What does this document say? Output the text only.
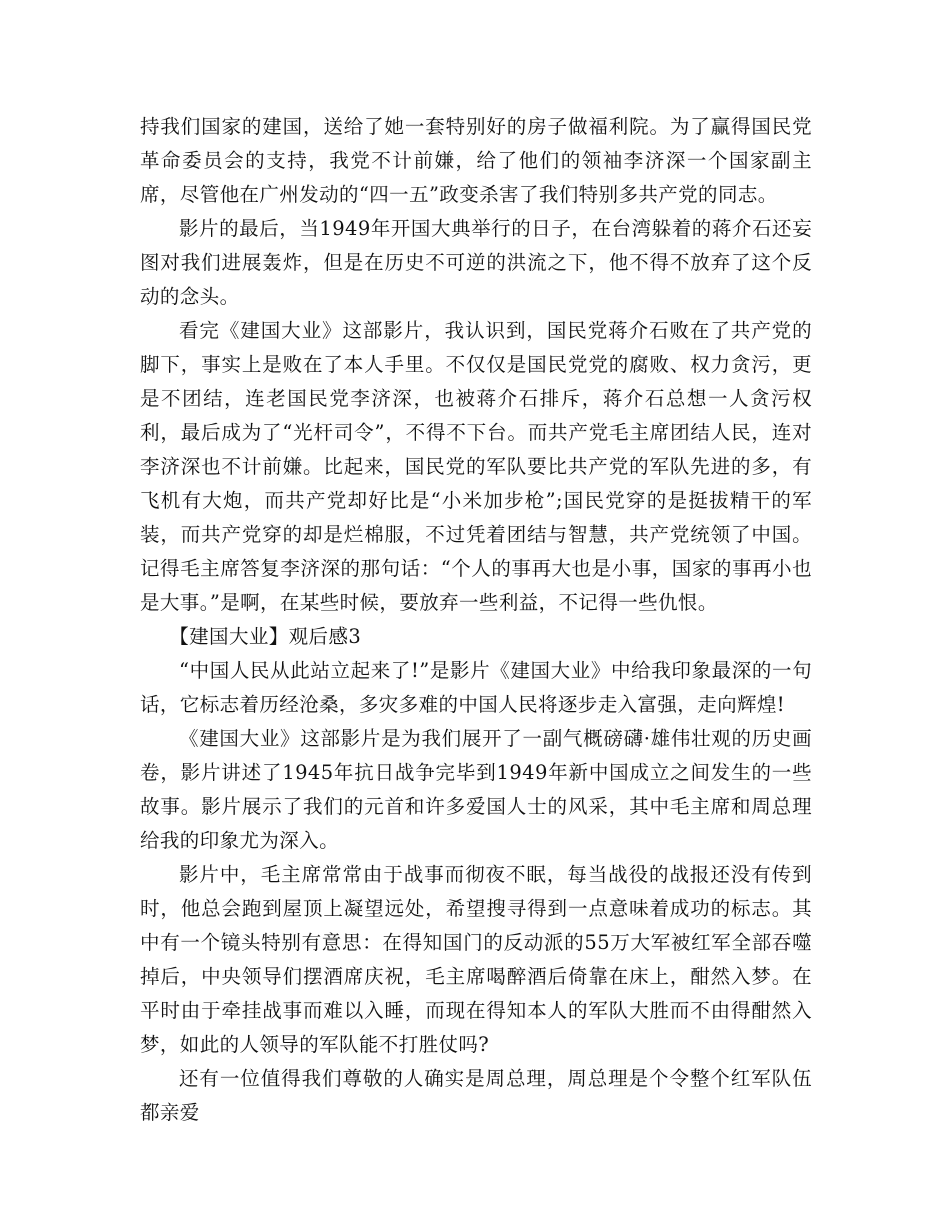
持我们国家的建国，送给了她一套特别好的房子做福利院。为了赢得国民党革命委员会的支持，我党不计前嫌，给了他们的领袖李济深一个国家副主席，尽管他在广州发动的“四一五”政变杀害了我们特别多共产党的同志。

影片的最后，当1949年开国大典举行的日子，在台湾躲着的蒋介石还妄图对我们进展轰炸，但是在历史不可逆的洪流之下，他不得不放弃了这个反动的念头。

看完《建国大业》这部影片，我认识到，国民党蒋介石败在了共产党的脚下，事实上是败在了本人手里。不仅仅是国民党党的腐败、权力贪污，更是不团结，连老国民党李济深，也被蒋介石排斥，蒋介石总想一人贪污权利，最后成为了“光杆司令”，不得不下台。而共产党毛主席团结人民，连对李济深也不计前嫌。比起来，国民党的军队要比共产党的军队先进的多，有飞机有大炮，而共产党却好比是“小米加步枪”;国民党穿的是挺拔精干的军装，而共产党穿的却是烂棉服，不过凭着团结与智慧，共产党统领了中国。记得毛主席答复李济深的那句话：“个人的事再大也是小事，国家的事再小也是大事。”是啊，在某些时候，要放弃一些利益，不记得一些仇恨。

【建国大业】观后感3

“中国人民从此站立起来了!”是影片《建国大业》中给我印象最深的一句话，它标志着历经沧桑，多灾多难的中国人民将逐步走入富强，走向辉煌!

《建国大业》这部影片是为我们展开了一副气概磅礴·雄伟壮观的历史画卷，影片讲述了1945年抗日战争完毕到1949年新中国成立之间发生的一些故事。影片展示了我们的元首和许多爱国人士的风采，其中毛主席和周总理给我的印象尤为深入。

影片中，毛主席常常由于战事而彻夜不眠，每当战役的战报还没有传到时，他总会跑到屋顶上凝望远处，希望搜寻得到一点意味着成功的标志。其中有一个镜头特别有意思：在得知国门的反动派的55万大军被红军全部吞噬掉后，中央领导们摆酒席庆祝，毛主席喝醉酒后倚靠在床上，酣然入梦。在平时由于牵挂战事而难以入睡，而现在得知本人的军队大胜而不由得酣然入梦，如此的人领导的军队能不打胜仗吗?

还有一位值得我们尊敬的人确实是周总理，周总理是个令整个红军队伍都亲爱
